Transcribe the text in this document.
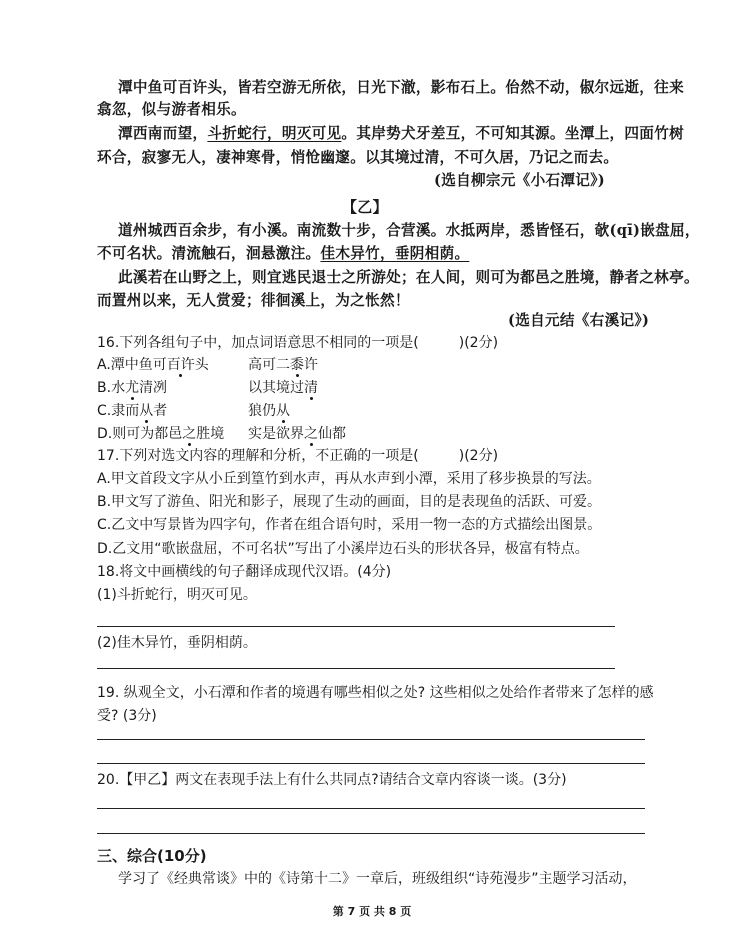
潭中鱼可百许头，皆若空游无所依，日光下澈，影布石上。佁然不动，俶尔远逝，往来
翕忽，似与游者相乐。
潭西南而望，斗折蛇行，明灭可见。其岸势犬牙差互，不可知其源。坐潭上，四面竹树
环合，寂寥无人，凄神寒骨，悄怆幽邃。以其境过清，不可久居，乃记之而去。
(选自柳宗元《小石潭记》)
【乙】
道州城西百余步，有小溪。南流数十步，合营溪。水抵两岸，悉皆怪石，欹(qī)嵌盘屈，
不可名状。清流触石，洄悬激注。佳木异竹，垂阴相荫。
此溪若在山野之上，则宜逃民退士之所游处；在人间，则可为都邑之胜境，静者之林亭。
而置州以来，无人赏爱；徘徊溪上，为之怅然！
(选自元结《右溪记》)
16.下列各组句子中，加点词语意思不相同的一项是(	)(2分)
A.潭中鱼可百许头	高可二黍许
B.水尤清冽	以其境过清
C.隶而从者	狼仍从
D.则可为都邑之胜境 实是欲界之仙都
17.下列对选文内容的理解和分析，不正确的一项是(	)(2分)
A.甲文首段文字从小丘到篁竹到水声，再从水声到小潭，采用了移步换景的写法。
B.甲文写了游鱼、阳光和影子，展现了生动的画面，目的是表现鱼的活跃、可爱。
C.乙文中写景皆为四字句，作者在组合语句时，采用一物一态的方式描绘出图景。
D.乙文用“歌嵌盘屈，不可名状”写出了小溪岸边石头的形状各异，极富有特点。
18.将文中画横线的句子翻译成现代汉语。(4分)
(1)斗折蛇行，明灭可见。
(2)佳木异竹，垂阴相荫。
19. 纵观全文，小石潭和作者的境遇有哪些相似之处? 这些相似之处给作者带来了怎样的感
受? (3分)
20.【甲乙】两文在表现手法上有什么共同点?请结合文章内容谈一谈。(3分)
三、综合(10分)
学习了《经典常谈》中的《诗第十二》一章后，班级组织“诗苑漫步”主题学习活动，
第 7 页 共 8 页
